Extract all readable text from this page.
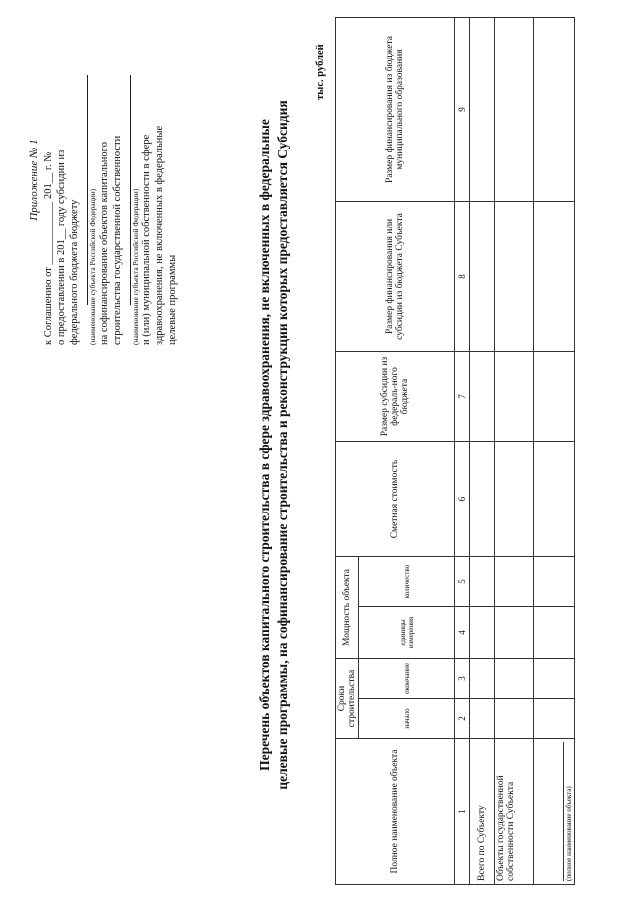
Приложение № 1 к Соглашению от ____________ 201__ г. № о предоставлении в 201__ году субсидии из федерального бюджета бюджету (наименование субъекта Российской Федерации) на софинансирование объектов капитального строительства государственной собственности (наименование субъекта Российской Федерации) и (или) муниципальной собственности в сфере здравоохранения, не включенных в федеральные целевые программы	Перечень объектов капитального строительства в сфере здравоохранения, не включенных в федеральные целевые программы, на софинансирование строительства и реконструкции которых предоставляется Субсидия
тыс. рублей
Полное наименование объекта	Сроки строительства		Мощность объекта		Сметная стоимость	Размер субсидии из федераль-ного бюджета	Размер финансирования или субсидии из бюджета Субъекта	Размер финансирования из бюджета муниципального образования
	начало	окончание	единицы измерения	количество				
1	2	3	4	5	6	7	8	9
Всего по Субъекту								
Объекты государственной собственности Субъекта								

(полное наименование объекта)								
